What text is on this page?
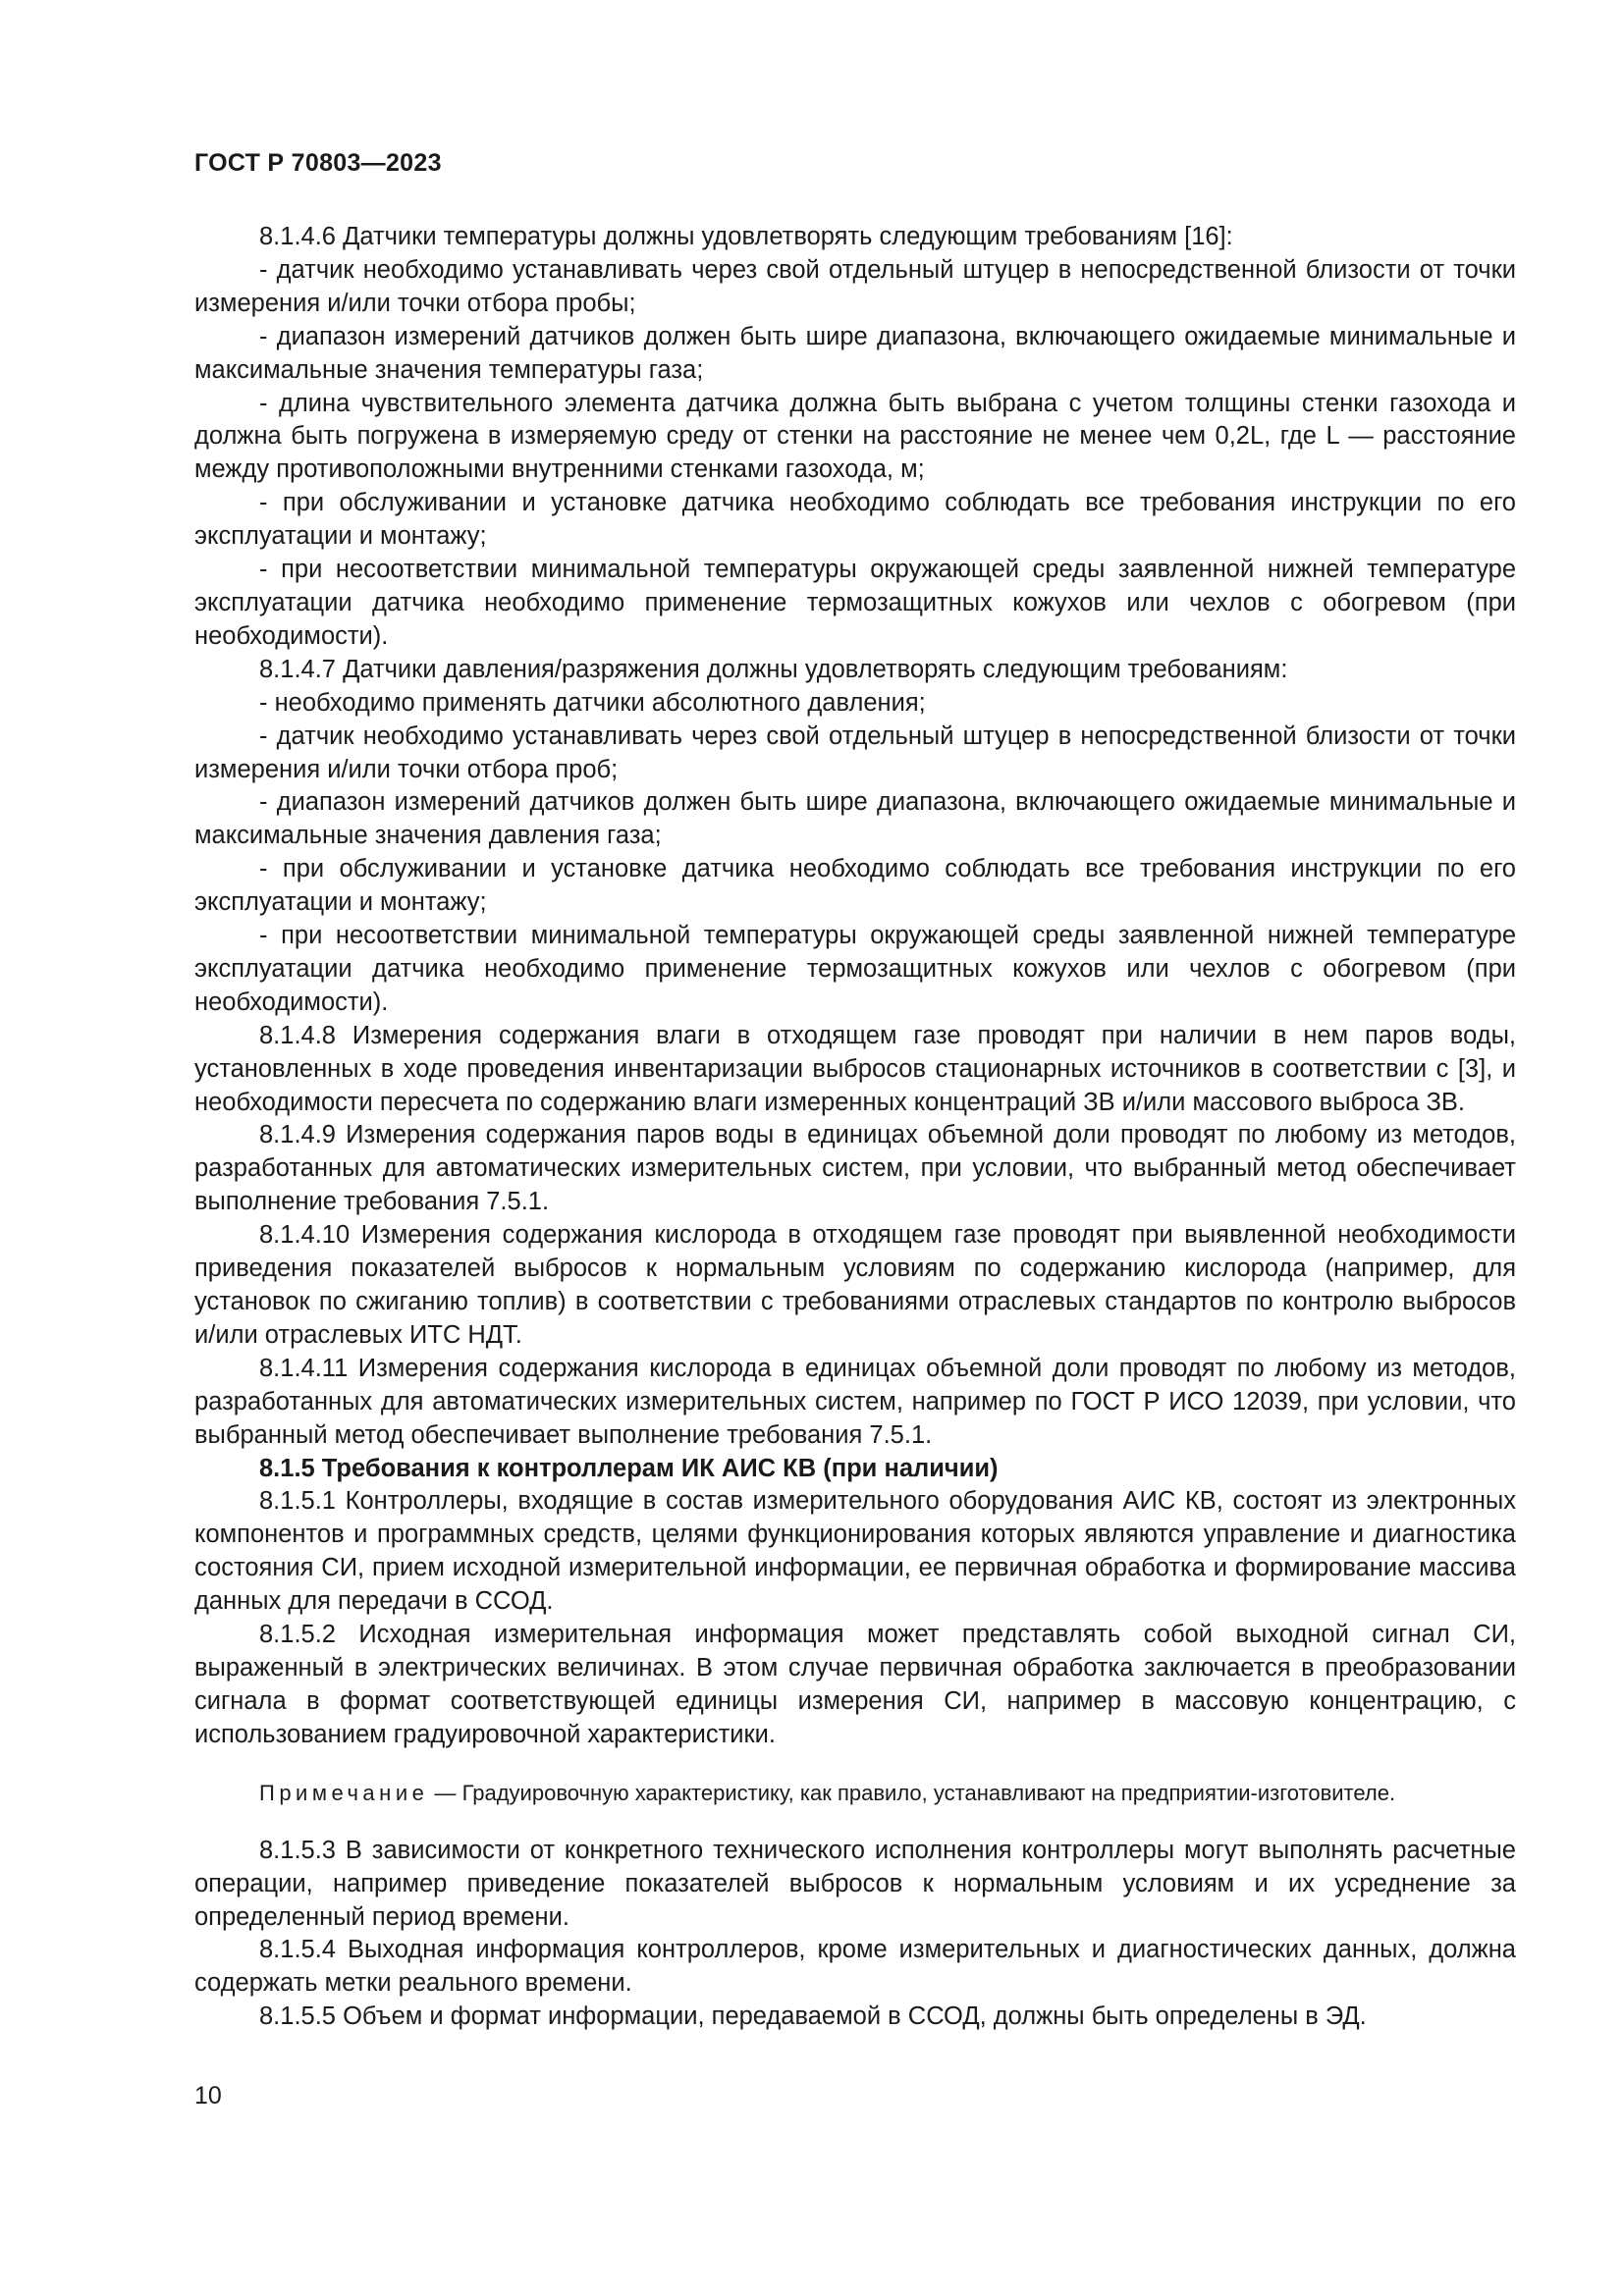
ГОСТ Р 70803—2023

8.1.4.6 Датчики температуры должны удовлетворять следующим требованиям [16]:

- датчик необходимо устанавливать через свой отдельный штуцер в непосредственной близости от точки измерения и/или точки отбора пробы;

- диапазон измерений датчиков должен быть шире диапазона, включающего ожидаемые минимальные и максимальные значения температуры газа;

- длина чувствительного элемента датчика должна быть выбрана с учетом толщины стенки газохода и должна быть погружена в измеряемую среду от стенки на расстояние не менее чем 0,2L, где L — расстояние между противоположными внутренними стенками газохода, м;

- при обслуживании и установке датчика необходимо соблюдать все требования инструкции по его эксплуатации и монтажу;

- при несоответствии минимальной температуры окружающей среды заявленной нижней температуре эксплуатации датчика необходимо применение термозащитных кожухов или чехлов с обогревом (при необходимости).

8.1.4.7 Датчики давления/разряжения должны удовлетворять следующим требованиям:

- необходимо применять датчики абсолютного давления;

- датчик необходимо устанавливать через свой отдельный штуцер в непосредственной близости от точки измерения и/или точки отбора проб;

- диапазон измерений датчиков должен быть шире диапазона, включающего ожидаемые минимальные и максимальные значения давления газа;

- при обслуживании и установке датчика необходимо соблюдать все требования инструкции по его эксплуатации и монтажу;

- при несоответствии минимальной температуры окружающей среды заявленной нижней температуре эксплуатации датчика необходимо применение термозащитных кожухов или чехлов с обогревом (при необходимости).

8.1.4.8 Измерения содержания влаги в отходящем газе проводят при наличии в нем паров воды, установленных в ходе проведения инвентаризации выбросов стационарных источников в соответствии с [3], и необходимости пересчета по содержанию влаги измеренных концентраций ЗВ и/или массового выброса ЗВ.

8.1.4.9 Измерения содержания паров воды в единицах объемной доли проводят по любому из методов, разработанных для автоматических измерительных систем, при условии, что выбранный метод обеспечивает выполнение требования 7.5.1.

8.1.4.10 Измерения содержания кислорода в отходящем газе проводят при выявленной необходимости приведения показателей выбросов к нормальным условиям по содержанию кислорода (например, для установок по сжиганию топлив) в соответствии с требованиями отраслевых стандартов по контролю выбросов и/или отраслевых ИТС НДТ.

8.1.4.11 Измерения содержания кислорода в единицах объемной доли проводят по любому из методов, разработанных для автоматических измерительных систем, например по ГОСТ Р ИСО 12039, при условии, что выбранный метод обеспечивает выполнение требования 7.5.1.

8.1.5 Требования к контроллерам ИК АИС КВ (при наличии)

8.1.5.1 Контроллеры, входящие в состав измерительного оборудования АИС КВ, состоят из электронных компонентов и программных средств, целями функционирования которых являются управление и диагностика состояния СИ, прием исходной измерительной информации, ее первичная обработка и формирование массива данных для передачи в ССОД.

8.1.5.2 Исходная измерительная информация может представлять собой выходной сигнал СИ, выраженный в электрических величинах. В этом случае первичная обработка заключается в преобразовании сигнала в формат соответствующей единицы измерения СИ, например в массовую концентрацию, с использованием градуировочной характеристики.

Примечание — Градуировочную характеристику, как правило, устанавливают на предприятии-изготовителе.

8.1.5.3 В зависимости от конкретного технического исполнения контроллеры могут выполнять расчетные операции, например приведение показателей выбросов к нормальным условиям и их усреднение за определенный период времени.

8.1.5.4 Выходная информация контроллеров, кроме измерительных и диагностических данных, должна содержать метки реального времени.

8.1.5.5 Объем и формат информации, передаваемой в ССОД, должны быть определены в ЭД.

10
